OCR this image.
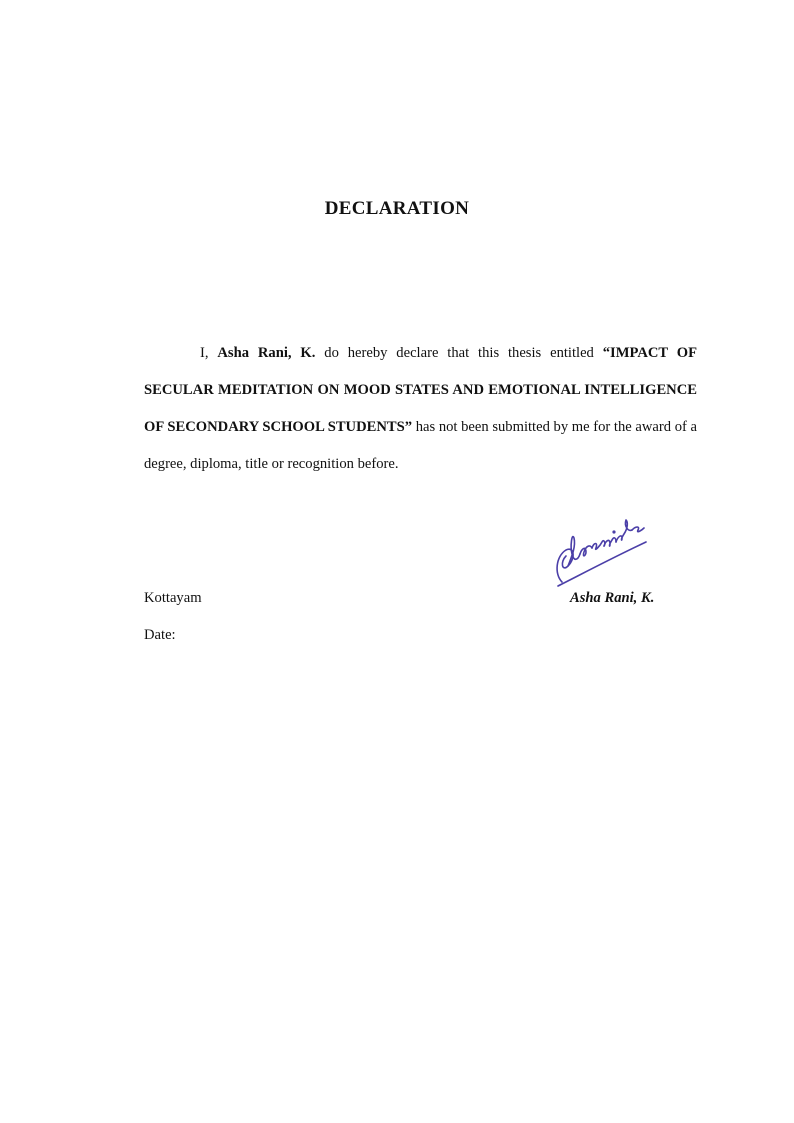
DECLARATION

I, Asha Rani, K. do hereby declare that this thesis entitled “IMPACT OF SECULAR MEDITATION ON MOOD STATES AND EMOTIONAL INTELLIGENCE OF SECONDARY SCHOOL STUDENTS” has not been submitted by me for the award of a degree, diploma, title or recognition before.

Kottayam	Asha Rani, K.

Date:
